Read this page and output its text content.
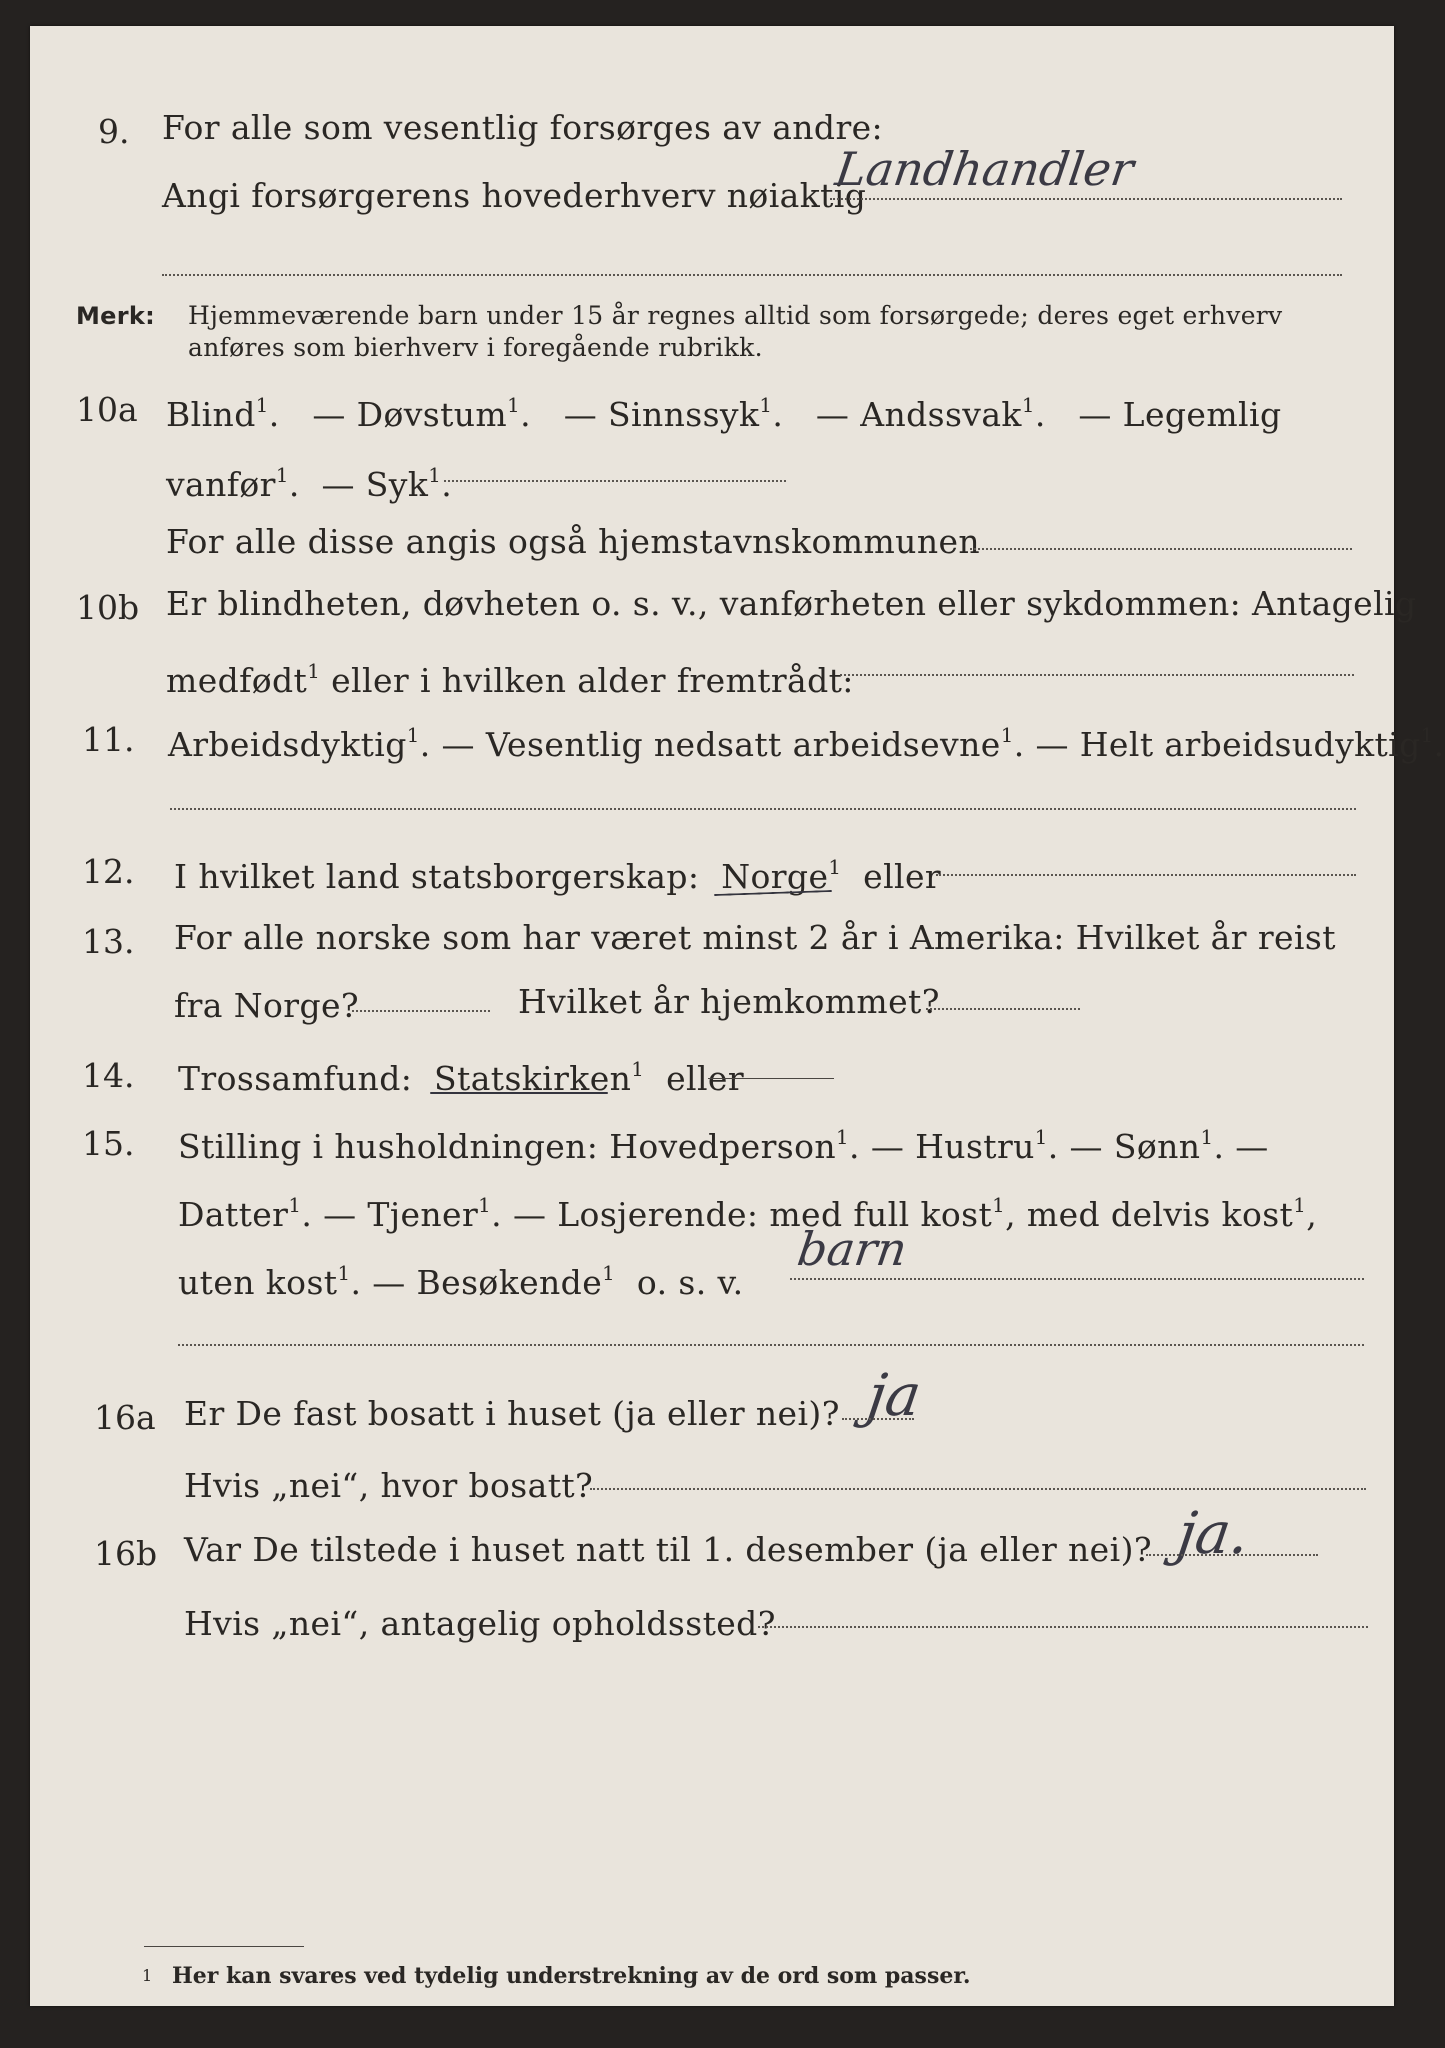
9. For alle som vesentlig forsørges av andre:
Angi forsørgerens hovederhverv nøiaktig
Landhandler
Merk: Hjemmeværende barn under 15 år regnes alltid som forsørgede; deres eget erhverv
anføres som bierhverv i foregående rubrikk.
10a Blind$^1$. — Døvstum$^1$. — Sinnssyk$^1$. — Andssvak$^1$. — Legemlig
vanfør$^1$. — Syk$^1$.
For alle disse angis også hjemstavnskommunen
10b Er blindheten, døvheten o. s. v., vanførheten eller sykdommen: Antagelig
medfødt$^1$ eller i hvilken alder fremtrådt:
11. Arbeidsdyktig$^1$. — Vesentlig nedsatt arbeidsevne$^1$. — Helt arbeidsudyktig$^1$.
12. I hvilket land statsborgerskap: Norge$^1$ eller
13. For alle norske som har været minst 2 år i Amerika: Hvilket år reist
fra Norge?	Hvilket år hjemkommet?
14. Trossamfund: Statskirken$^1$ eller
15. Stilling i husholdningen: Hovedperson$^1$. — Hustru$^1$. — Sønn$^1$. —
Datter$^1$. — Tjener$^1$. — Losjerende: med full kost$^1$, med delvis kost$^1$,
uten kost$^1$. — Besøkende$^1$ o. s. v.
barn
16a Er De fast bosatt i huset (ja eller nei)? ja
Hvis „nei“, hvor bosatt?
16b Var De tilstede i huset natt til 1. desember (ja eller nei)? ja.
Hvis „nei“, antagelig opholdssted?
1 Her kan svares ved tydelig understrekning av de ord som passer.
